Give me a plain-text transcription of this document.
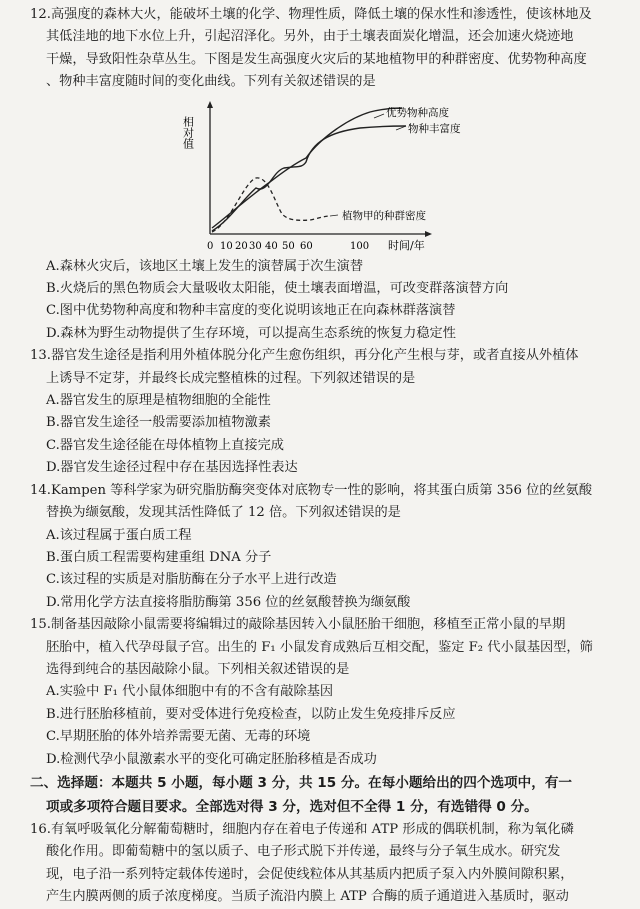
12.高强度的森林大火，能破坏土壤的化学、物理性质，降低土壤的保水性和渗透性，使该林地及

其低洼地的地下水位上升，引起沼泽化。另外，由于土壤表面炭化增温，还会加速火烧迹地

干燥，导致阳性杂草丛生。下图是发生高强度火灾后的某地植物甲的种群密度、优势物种高度

、物种丰富度随时间的变化曲线。下列有关叙述错误的是

相对值
时间/年
0 10 20 30 40 50 60	100
优势物种高度
物种丰富度
植物甲的种群密度

A.森林火灾后，该地区土壤上发生的演替属于次生演替

B.火烧后的黑色物质会大量吸收太阳能，使土壤表面增温，可改变群落演替方向

C.图中优势物种高度和物种丰富度的变化说明该地正在向森林群落演替

D.森林为野生动物提供了生存环境，可以提高生态系统的恢复力稳定性

13.器官发生途径是指利用外植体脱分化产生愈伤组织，再分化产生根与芽，或者直接从外植体

上诱导不定芽，并最终长成完整植株的过程。下列叙述错误的是

A.器官发生的原理是植物细胞的全能性

B.器官发生途径一般需要添加植物激素

C.器官发生途径能在母体植物上直接完成

D.器官发生途径过程中存在基因选择性表达

14.Kampen 等科学家为研究脂肪酶突变体对底物专一性的影响，将其蛋白质第 356 位的丝氨酸

替换为缬氨酸，发现其活性降低了 12 倍。下列叙述错误的是

A.该过程属于蛋白质工程

B.蛋白质工程需要构建重组 DNA 分子

C.该过程的实质是对脂肪酶在分子水平上进行改造

D.常用化学方法直接将脂肪酶第 356 位的丝氨酸替换为缬氨酸

15.制备基因敲除小鼠需要将编辑过的敲除基因转入小鼠胚胎干细胞，移植至正常小鼠的早期

胚胎中，植入代孕母鼠子宫。出生的 F₁ 小鼠发育成熟后互相交配，鉴定 F₂ 代小鼠基因型，筛

选得到纯合的基因敲除小鼠。下列相关叙述错误的是

A.实验中 F₁ 代小鼠体细胞中有的不含有敲除基因

B.进行胚胎移植前，要对受体进行免疫检查，以防止发生免疫排斥反应

C.早期胚胎的体外培养需要无菌、无毒的环境

D.检测代孕小鼠激素水平的变化可确定胚胎移植是否成功

二、选择题：本题共 5 小题，每小题 3 分，共 15 分。在每小题给出的四个选项中，有一

项或多项符合题目要求。全部选对得 3 分，选对但不全得 1 分，有选错得 0 分。

16.有氧呼吸氧化分解葡萄糖时，细胞内存在着电子传递和 ATP 形成的偶联机制，称为氧化磷

酸化作用。即葡萄糖中的氢以质子、电子形式脱下并传递，最终与分子氧生成水。研究发

现，电子沿一系列特定载体传递时，会促使线粒体从其基质内把质子泵入内外膜间隙积累，

产生内膜两侧的质子浓度梯度。当质子流沿内膜上 ATP 合酶的质子通道进入基质时，驱动
